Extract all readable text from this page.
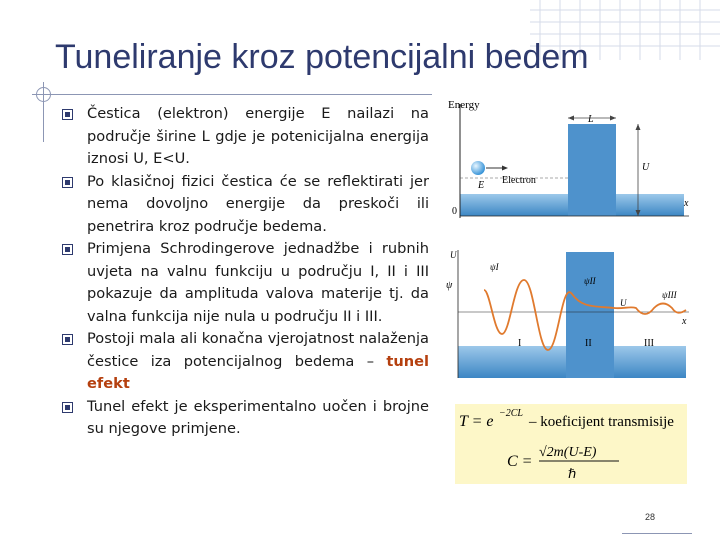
Tuneliranje kroz potencijalni bedem
Čestica (elektron) energije E nailazi na područje širine L gdje je potenicijalna energija iznosi U, E<U.
Po klasičnoj fizici čestica će se reflektirati jer nema dovoljno energije da preskoči ili penetrira kroz područje bedema.
Primjena Schrodingerove jednadžbe i rubnih uvjeta na valnu funkciju u području I, II i III pokazuje da amplituda valova materije tj. da valna funkcija nije nula u području II i III.
Postoji mala ali konačna vjerojatnost nalaženja čestice iza potencijalnog bedema – tunel efekt
Tunel efekt je eksperimentalno uočen i brojne su njegove primjene.
Energy
L
U
E Electron
0
x
U
ψ
ψI
ψII
ψIII
I	II	III
U
x
T = e −2CL
– koeficijent transmisije
C =
√2m(U-E)
ℏ
28
